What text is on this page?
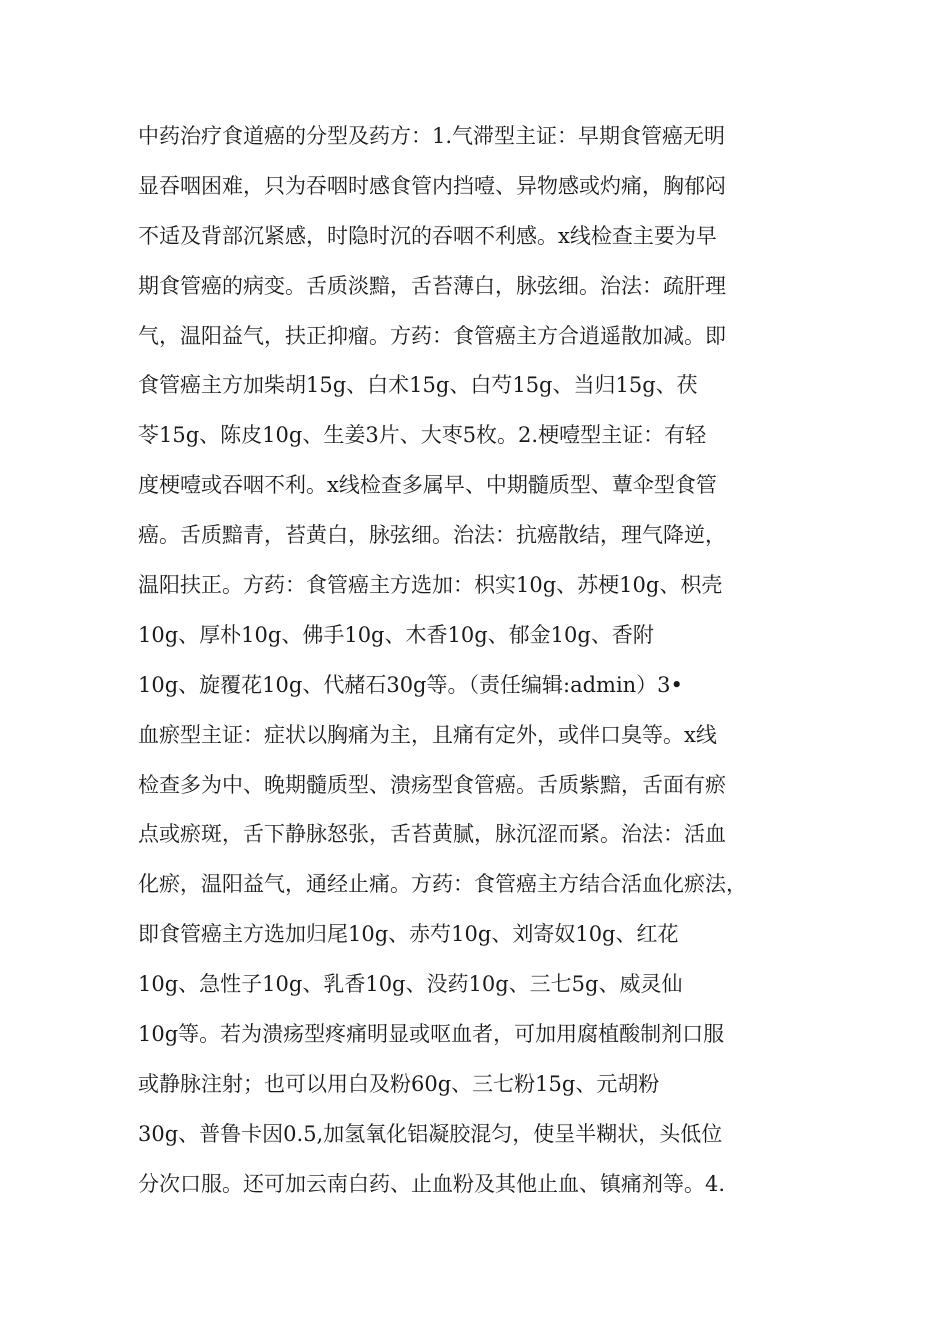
中药治疗食道癌的分型及药方：1.气滞型主证：早期食管癌无明
显吞咽困难，只为吞咽时感食管内挡噎、异物感或灼痛，胸郁闷
不适及背部沉紧感，时隐时沉的吞咽不利感。x线检查主要为早
期食管癌的病变。舌质淡黯，舌苔薄白，脉弦细。治法：疏肝理
气，温阳益气，扶正抑瘤。方药：食管癌主方合逍遥散加减。即
食管癌主方加柴胡15g、白术15g、白芍15g、当归15g、茯
苓15g、陈皮10g、生姜3片、大枣5枚。2.梗噎型主证：有轻
度梗噎或吞咽不利。x线检查多属早、中期髓质型、蕈伞型食管
癌。舌质黯青，苔黄白，脉弦细。治法：抗癌散结，理气降逆，
温阳扶正。方药：食管癌主方选加：枳实10g、苏梗10g、枳壳
10g、厚朴10g、佛手10g、木香10g、郁金10g、香附
10g、旋覆花10g、代赭石30g等。（责任编辑:admin）3•
血瘀型主证：症状以胸痛为主，且痛有定外，或伴口臭等。x线
检查多为中、晚期髓质型、溃疡型食管癌。舌质紫黯，舌面有瘀
点或瘀斑，舌下静脉怒张，舌苔黄腻，脉沉涩而紧。治法：活血
化瘀，温阳益气，通经止痛。方药：食管癌主方结合活血化瘀法，
即食管癌主方选加归尾10g、赤芍10g、刘寄奴10g、红花
10g、急性子10g、乳香10g、没药10g、三七5g、威灵仙
10g等。若为溃疡型疼痛明显或呕血者，可加用腐植酸制剂口服
或静脉注射；也可以用白及粉60g、三七粉15g、元胡粉
30g、普鲁卡因0.5,加氢氧化铝凝胶混匀，使呈半糊状，头低位
分次口服。还可加云南白药、止血粉及其他止血、镇痛剂等。4.
